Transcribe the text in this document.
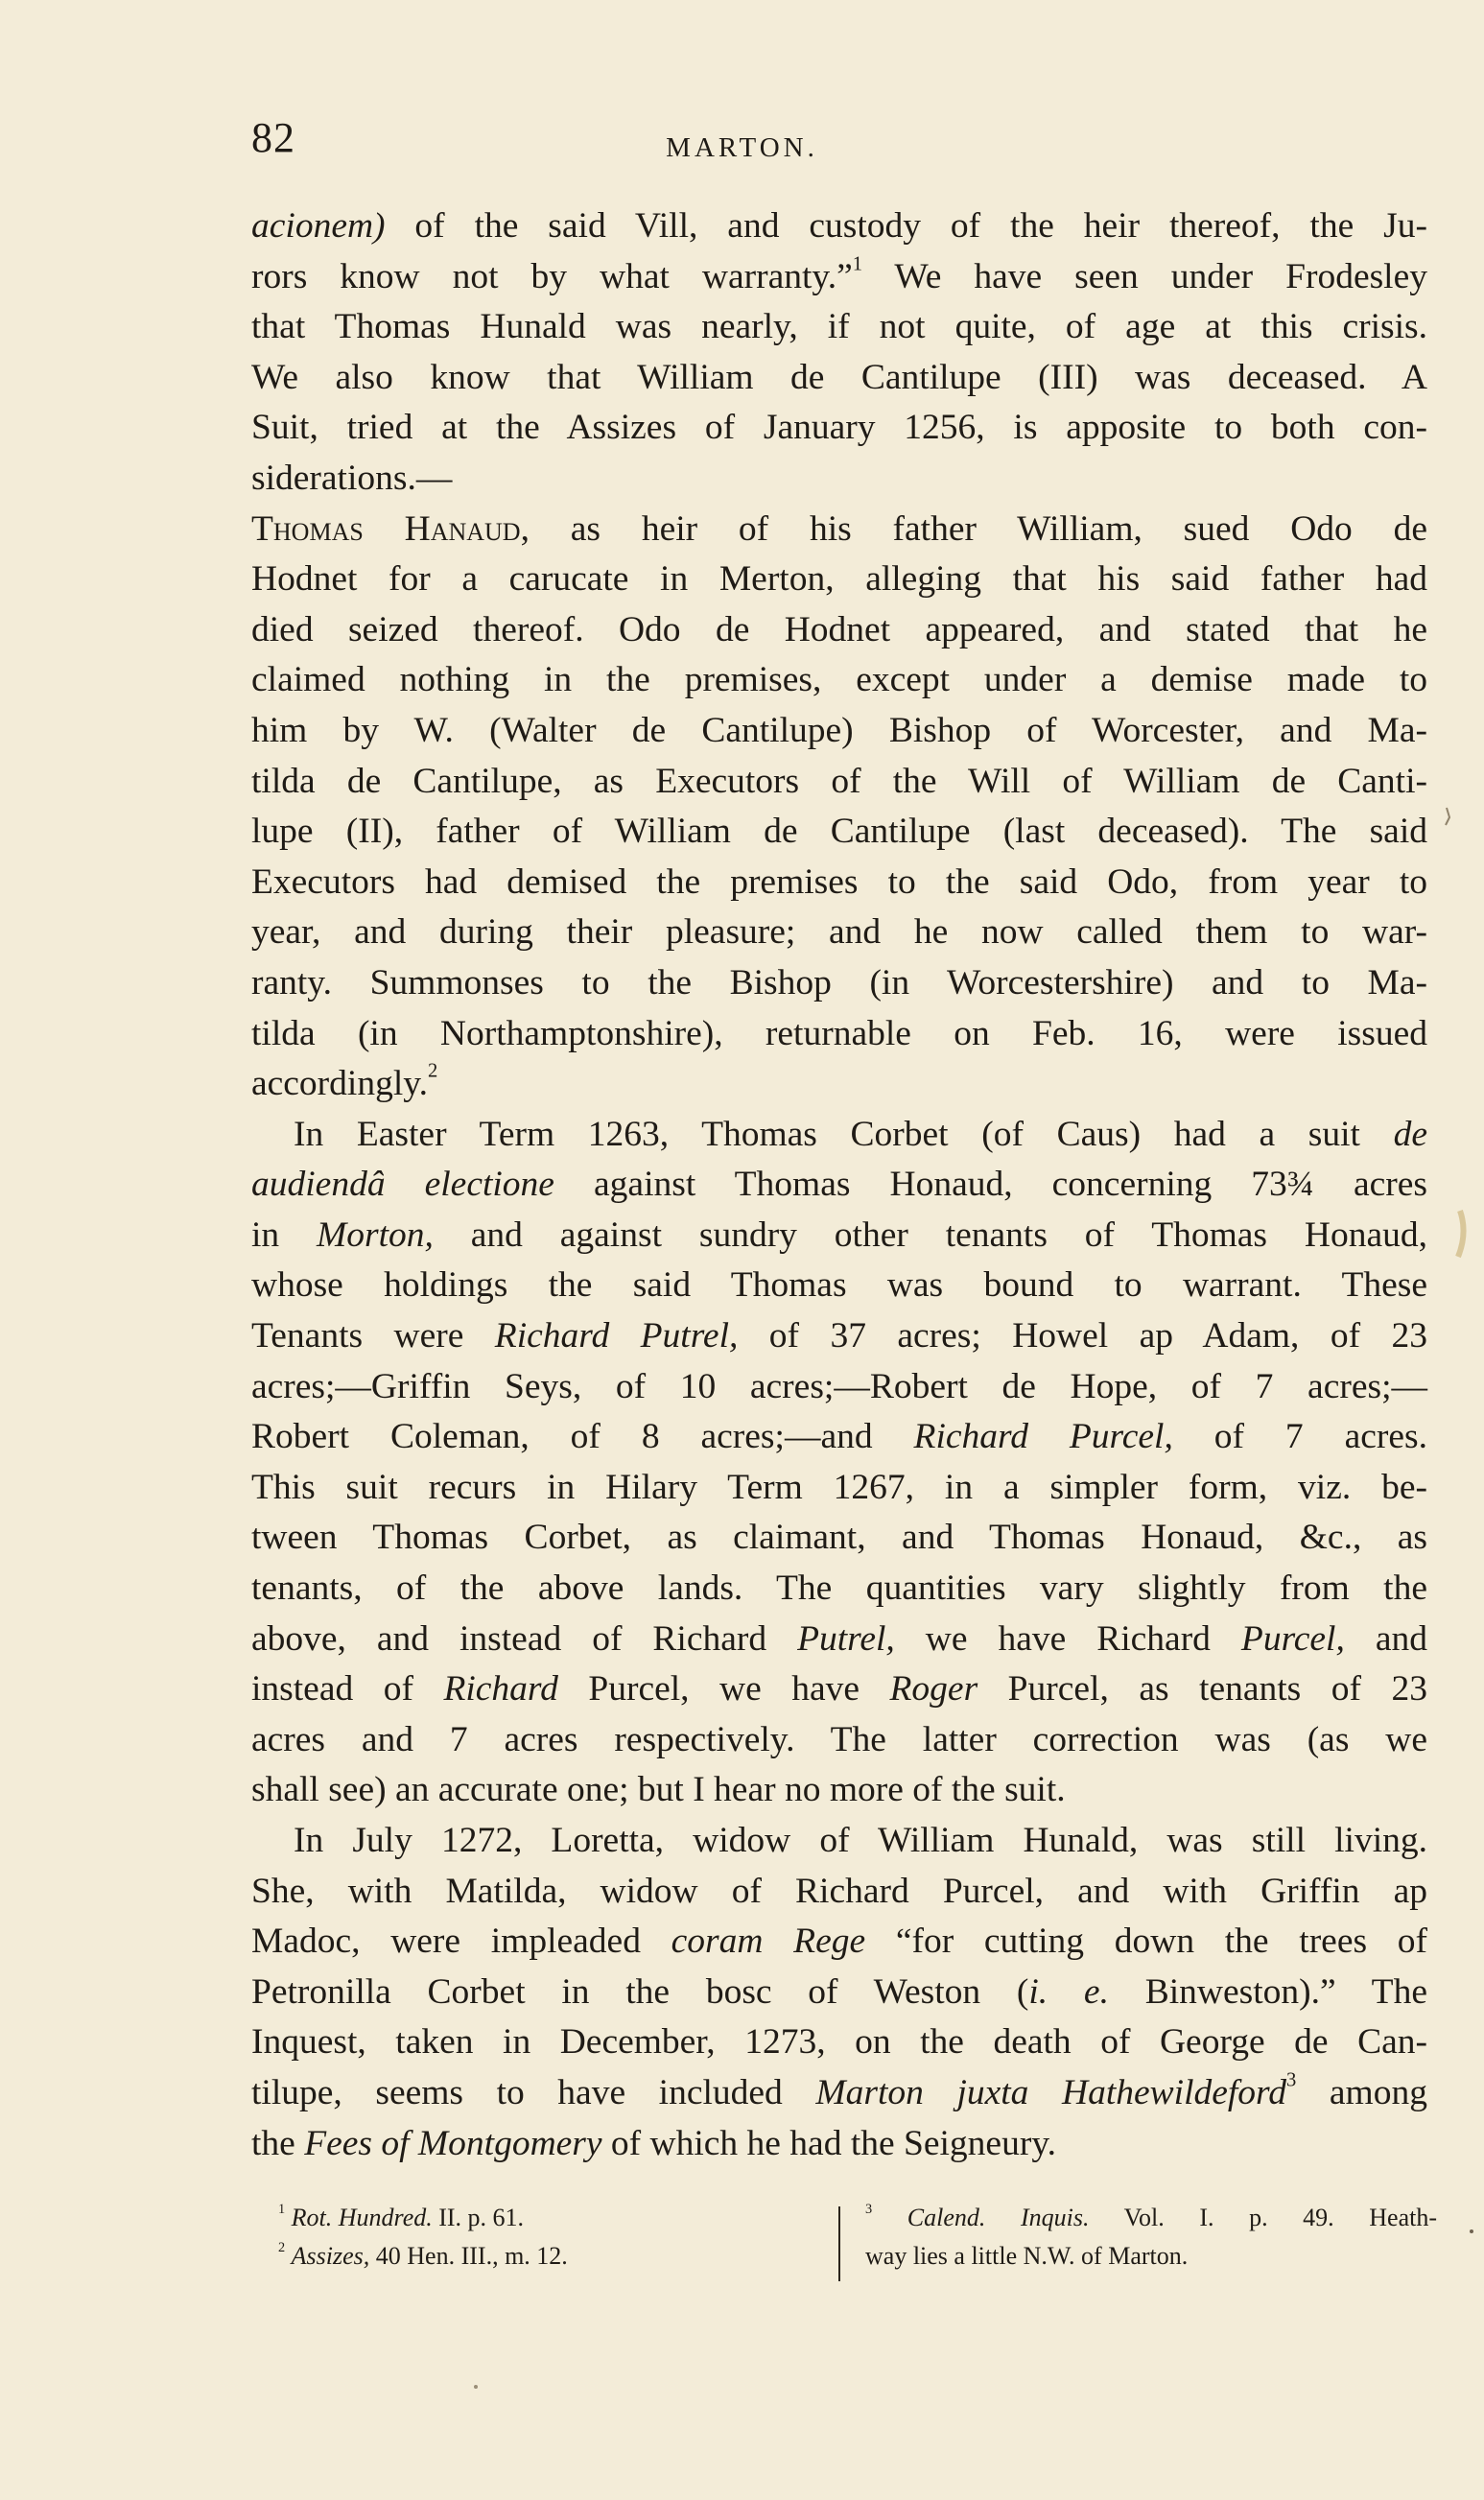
82	MARTON.
acionem) of the said Vill, and custody of the heir thereof, the Ju-
rors know not by what warranty.”$^1$ We have seen under Frodesley
that Thomas Hunald was nearly, if not quite, of age at this crisis.
We also know that William de Cantilupe (III) was deceased. A
Suit, tried at the Assizes of January 1256, is apposite to both con-
siderations.—
Thomas Hanaud, as heir of his father William, sued Odo de
Hodnet for a carucate in Merton, alleging that his said father had
died seized thereof. Odo de Hodnet appeared, and stated that he
claimed nothing in the premises, except under a demise made to
him by W. (Walter de Cantilupe) Bishop of Worcester, and Ma-
tilda de Cantilupe, as Executors of the Will of William de Canti-
lupe (II), father of William de Cantilupe (last deceased). The said
Executors had demised the premises to the said Odo, from year to
year, and during their pleasure; and he now called them to war-
ranty. Summonses to the Bishop (in Worcestershire) and to Ma-
tilda (in Northamptonshire), returnable on Feb. 16, were issued
accordingly.$^2$
In Easter Term 1263, Thomas Corbet (of Caus) had a suit de
audiendâ electione against Thomas Honaud, concerning 73¾ acres
in Morton, and against sundry other tenants of Thomas Honaud,
whose holdings the said Thomas was bound to warrant. These
Tenants were Richard Putrel, of 37 acres; Howel ap Adam, of 23
acres;—Griffin Seys, of 10 acres;—Robert de Hope, of 7 acres;—
Robert Coleman, of 8 acres;—and Richard Purcel, of 7 acres.
This suit recurs in Hilary Term 1267, in a simpler form, viz. be-
tween Thomas Corbet, as claimant, and Thomas Honaud, &c., as
tenants, of the above lands. The quantities vary slightly from the
above, and instead of Richard Putrel, we have Richard Purcel, and
instead of Richard Purcel, we have Roger Purcel, as tenants of 23
acres and 7 acres respectively. The latter correction was (as we
shall see) an accurate one; but I hear no more of the suit.
In July 1272, Loretta, widow of William Hunald, was still living.
She, with Matilda, widow of Richard Purcel, and with Griffin ap
Madoc, were impleaded coram Rege “for cutting down the trees of
Petronilla Corbet in the bosc of Weston (i. e. Binweston).” The
Inquest, taken in December, 1273, on the death of George de Can-
tilupe, seems to have included Marton juxta Hathewildeford$^3$ among
the Fees of Montgomery of which he had the Seigneury.
$^1$ Rot. Hundred. II. p. 61.
$^2$ Assizes, 40 Hen. III., m. 12.
$^3$ Calend. Inquis. Vol. I. p. 49. Heath-
way lies a little N.W. of Marton.
